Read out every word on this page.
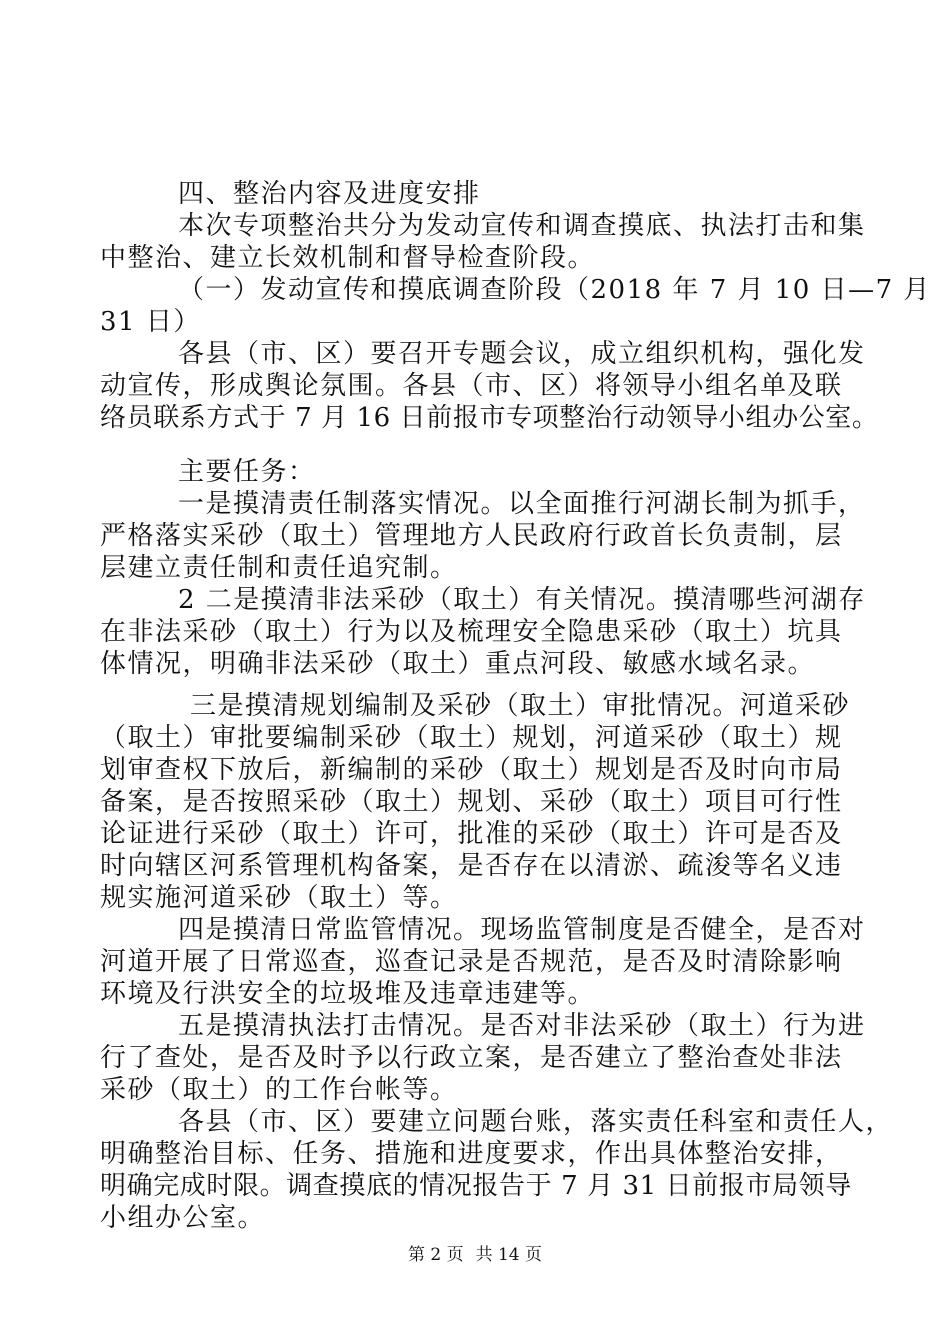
四、整治内容及进度安排
本次专项整治共分为发动宣传和调查摸底、执法打击和集
中整治、建立长效机制和督导检查阶段。
（一）发动宣传和摸底调查阶段（2018 年 7 月 10 日—7 月
31 日）
各县（市、区）要召开专题会议，成立组织机构，强化发
动宣传，形成舆论氛围。各县（市、区）将领导小组名单及联
络员联系方式于 7 月 16 日前报市专项整治行动领导小组办公室。
主要任务：
一是摸清责任制落实情况。以全面推行河湖长制为抓手，
严格落实采砂（取土）管理地方人民政府行政首长负责制，层
层建立责任制和责任追究制。
2 二是摸清非法采砂（取土）有关情况。摸清哪些河湖存
在非法采砂（取土）行为以及梳理安全隐患采砂（取土）坑具
体情况，明确非法采砂（取土）重点河段、敏感水域名录。
三是摸清规划编制及采砂（取土）审批情况。河道采砂
（取土）审批要编制采砂（取土）规划，河道采砂（取土）规
划审查权下放后，新编制的采砂（取土）规划是否及时向市局
备案，是否按照采砂（取土）规划、采砂（取土）项目可行性
论证进行采砂（取土）许可，批准的采砂（取土）许可是否及
时向辖区河系管理机构备案，是否存在以清淤、疏浚等名义违
规实施河道采砂（取土）等。
四是摸清日常监管情况。现场监管制度是否健全，是否对
河道开展了日常巡查，巡查记录是否规范，是否及时清除影响
环境及行洪安全的垃圾堆及违章违建等。
五是摸清执法打击情况。是否对非法采砂（取土）行为进
行了查处，是否及时予以行政立案，是否建立了整治查处非法
采砂（取土）的工作台帐等。
各县（市、区）要建立问题台账，落实责任科室和责任人，
明确整治目标、任务、措施和进度要求，作出具体整治安排，
明确完成时限。调查摸底的情况报告于 7 月 31 日前报市局领导
小组办公室。
第 2 页 共 14 页
